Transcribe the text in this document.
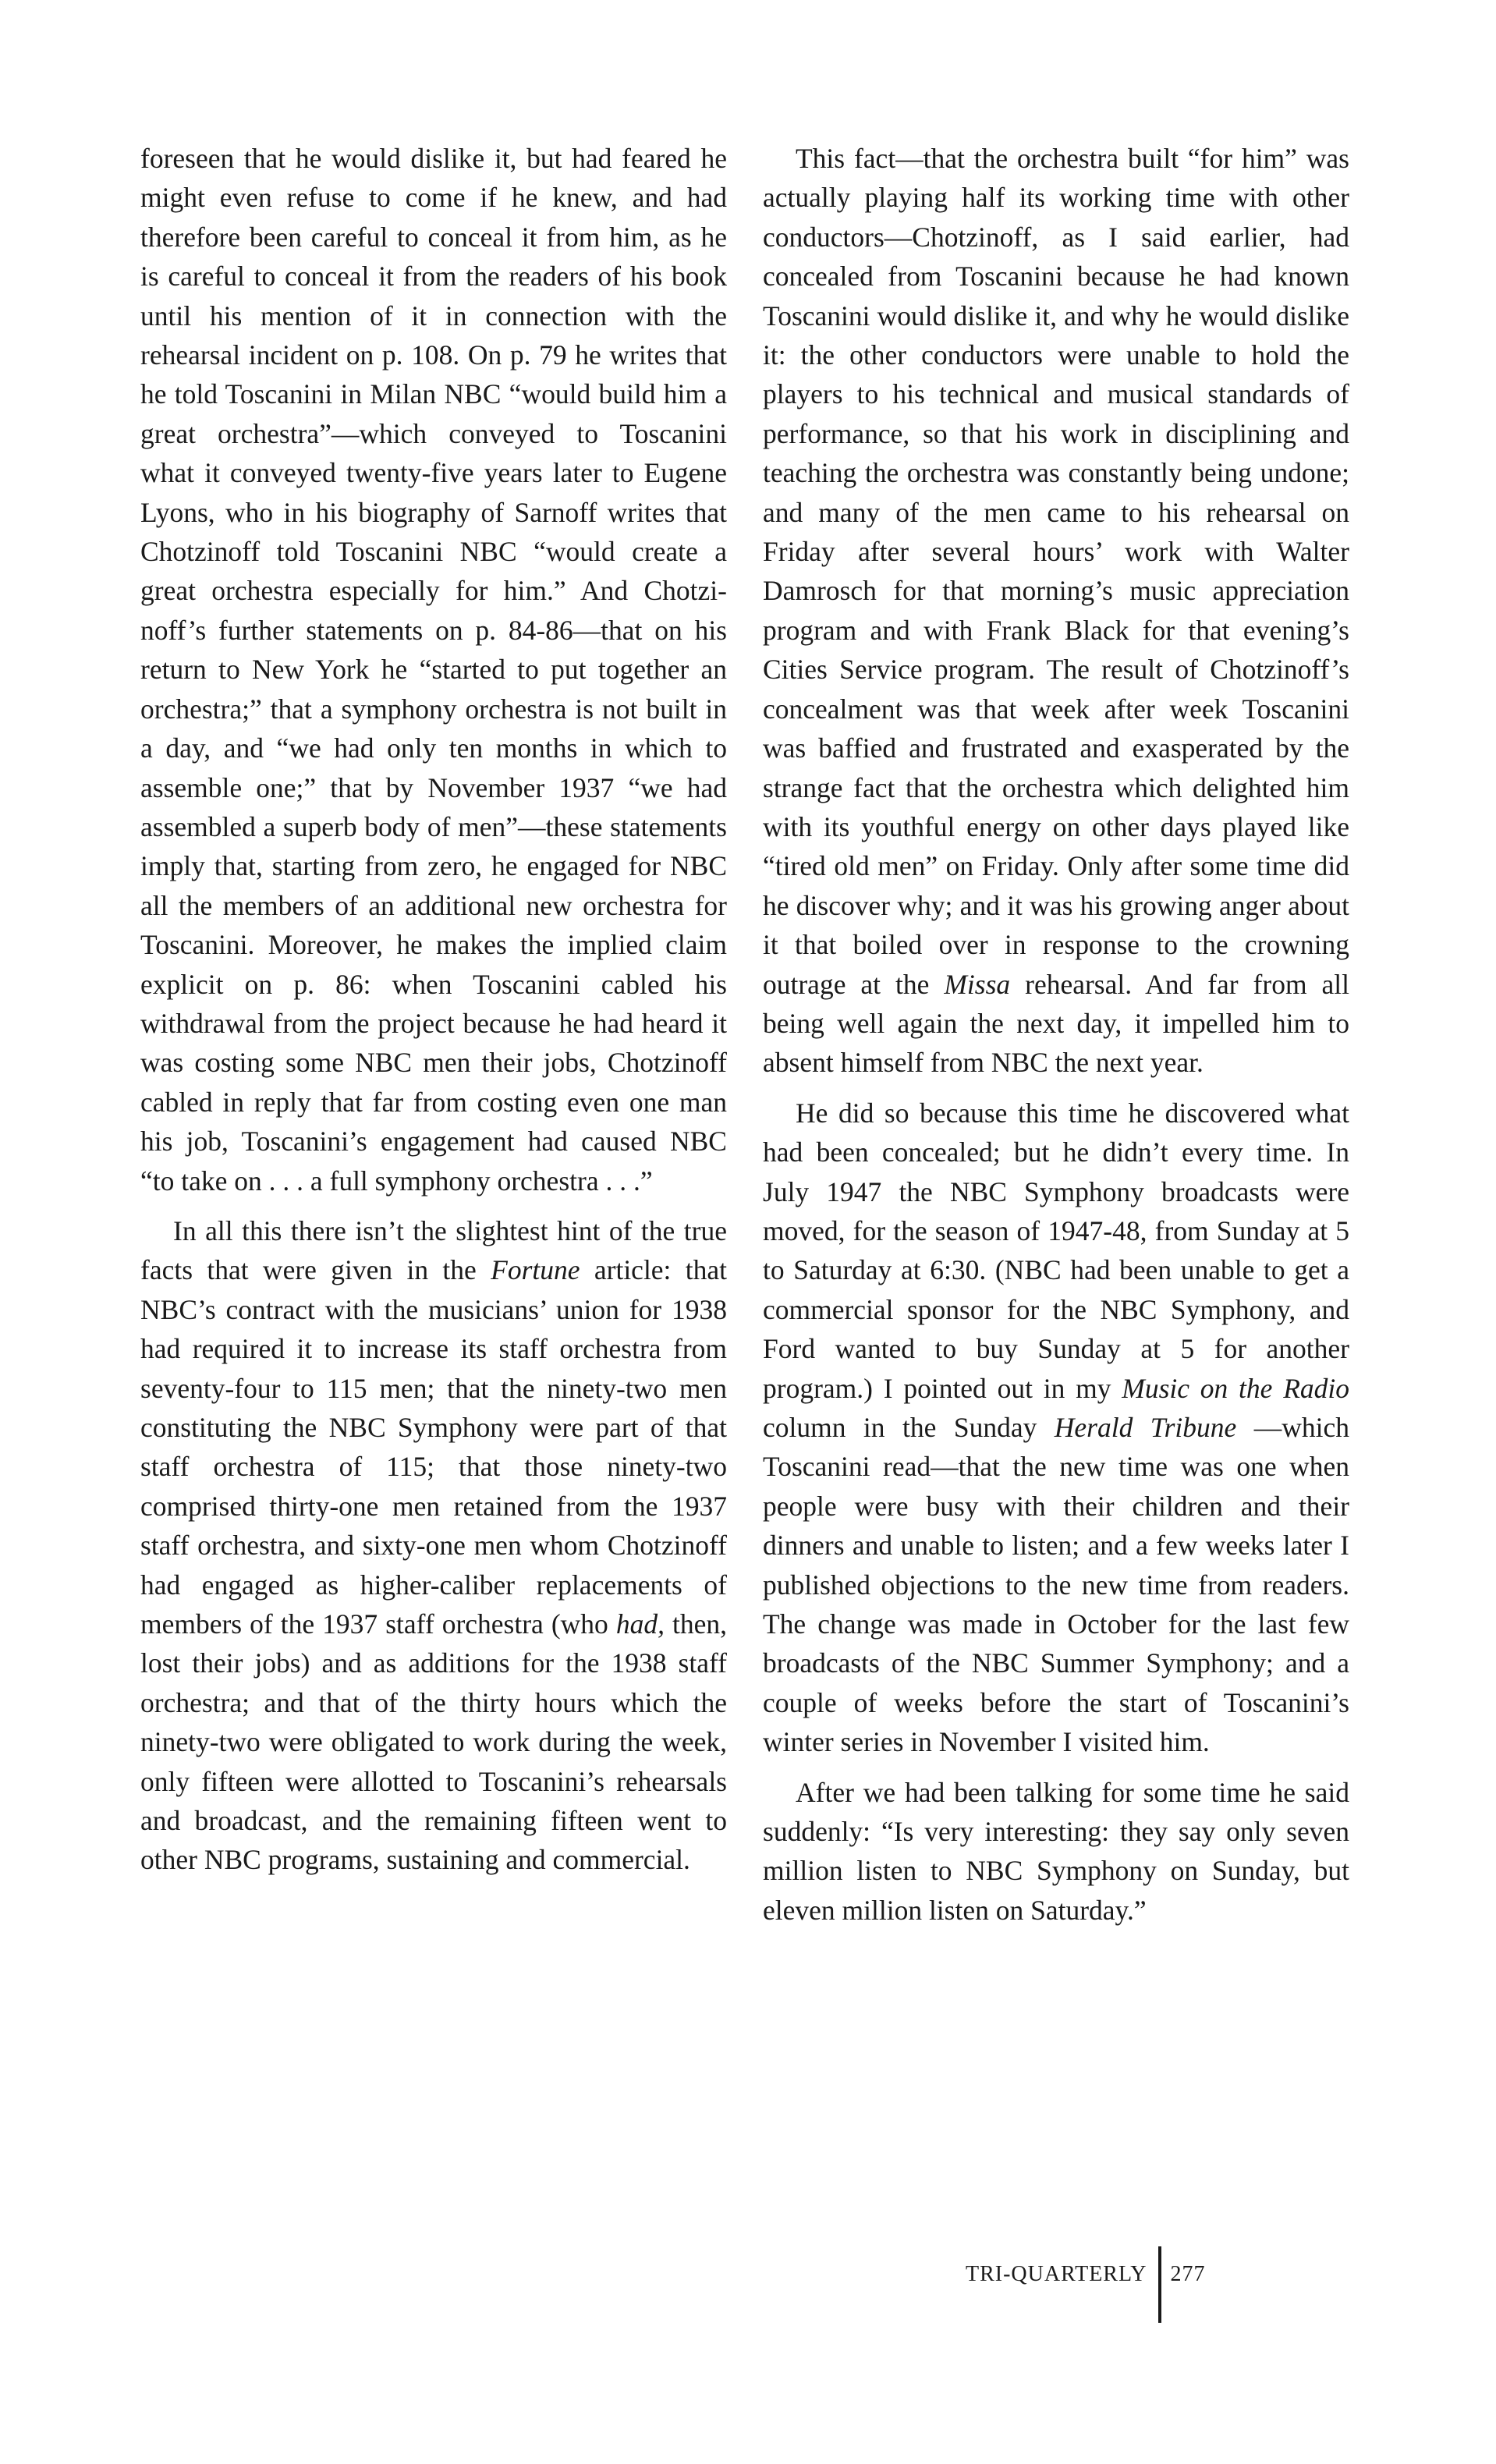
foreseen that he would dislike it, but had feared he might even refuse to come if he knew, and had therefore been careful to conceal it from him, as he is careful to conceal it from the readers of his book until his mention of it in connection with the rehearsal incident on p. 108. On p. 79 he writes that he told Toscanini in Milan NBC “would build him a great orchestra”—which conveyed to Toscanini what it conveyed twenty-five years later to Eugene Lyons, who in his biography of Sarnoff writes that Chotzinoff told Toscanini NBC “would create a great orchestra especially for him.” And Chotzinoff’s further statements on p. 84-86—that on his return to New York he “started to put together an orchestra;” that a symphony orchestra is not built in a day, and “we had only ten months in which to assemble one;” that by November 1937 “we had assembled a superb body of men”—these statements imply that, starting from zero, he engaged for NBC all the members of an additional new orchestra for Toscanini. Moreover, he makes the implied claim explicit on p. 86: when Toscanini cabled his withdrawal from the project because he had heard it was costing some NBC men their jobs, Chotzinoff cabled in reply that far from costing even one man his job, Toscanini’s engagement had caused NBC “to take on . . . a full symphony orchestra . . .”

In all this there isn’t the slightest hint of the true facts that were given in the Fortune article: that NBC’s contract with the musicians’ union for 1938 had required it to increase its staff orchestra from seventy-four to 115 men; that the ninety-two men constituting the NBC Symphony were part of that staff orchestra of 115; that those ninety-two comprised thirty-one men retained from the 1937 staff orchestra, and sixty-one men whom Chotzinoff had engaged as higher-caliber replacements of members of the 1937 staff orchestra (who had, then, lost their jobs) and as additions for the 1938 staff orchestra; and that of the thirty hours which the ninety-two were obligated to work during the week, only fifteen were allotted to Toscanini’s rehearsals and broadcast, and the remaining fifteen went to other NBC programs, sustaining and commercial.

This fact—that the orchestra built “for him” was actually playing half its working time with other conductors—Chotzinoff, as I said earlier, had concealed from Toscanini because he had known Toscanini would dislike it, and why he would dislike it: the other conductors were unable to hold the players to his technical and musical standards of performance, so that his work in disciplining and teaching the orchestra was constantly being undone; and many of the men came to his rehearsal on Friday after several hours’ work with Walter Damrosch for that morning’s music appreciation program and with Frank Black for that evening’s Cities Service program. The result of Chotzinoff’s concealment was that week after week Toscanini was baffied and frustrated and exasperated by the strange fact that the orchestra which delighted him with its youthful energy on other days played like “tired old men” on Friday. Only after some time did he discover why; and it was his growing anger about it that boiled over in response to the crowning outrage at the Missa rehearsal. And far from all being well again the next day, it impelled him to absent himself from NBC the next year.

He did so because this time he discovered what had been concealed; but he didn’t every time. In July 1947 the NBC Symphony broadcasts were moved, for the season of 1947-48, from Sunday at 5 to Saturday at 6:30. (NBC had been unable to get a commercial sponsor for the NBC Symphony, and Ford wanted to buy Sunday at 5 for another program.) I pointed out in my Music on the Radio column in the Sunday Herald Tribune —which Toscanini read—that the new time was one when people were busy with their children and their dinners and unable to listen; and a few weeks later I published objections to the new time from readers. The change was made in October for the last few broadcasts of the NBC Summer Symphony; and a couple of weeks before the start of Toscanini’s winter series in November I visited him.

After we had been talking for some time he said suddenly: “Is very interesting: they say only seven million listen to NBC Symphony on Sunday, but eleven million listen on Saturday.”

TRI-QUARTERLY	277
